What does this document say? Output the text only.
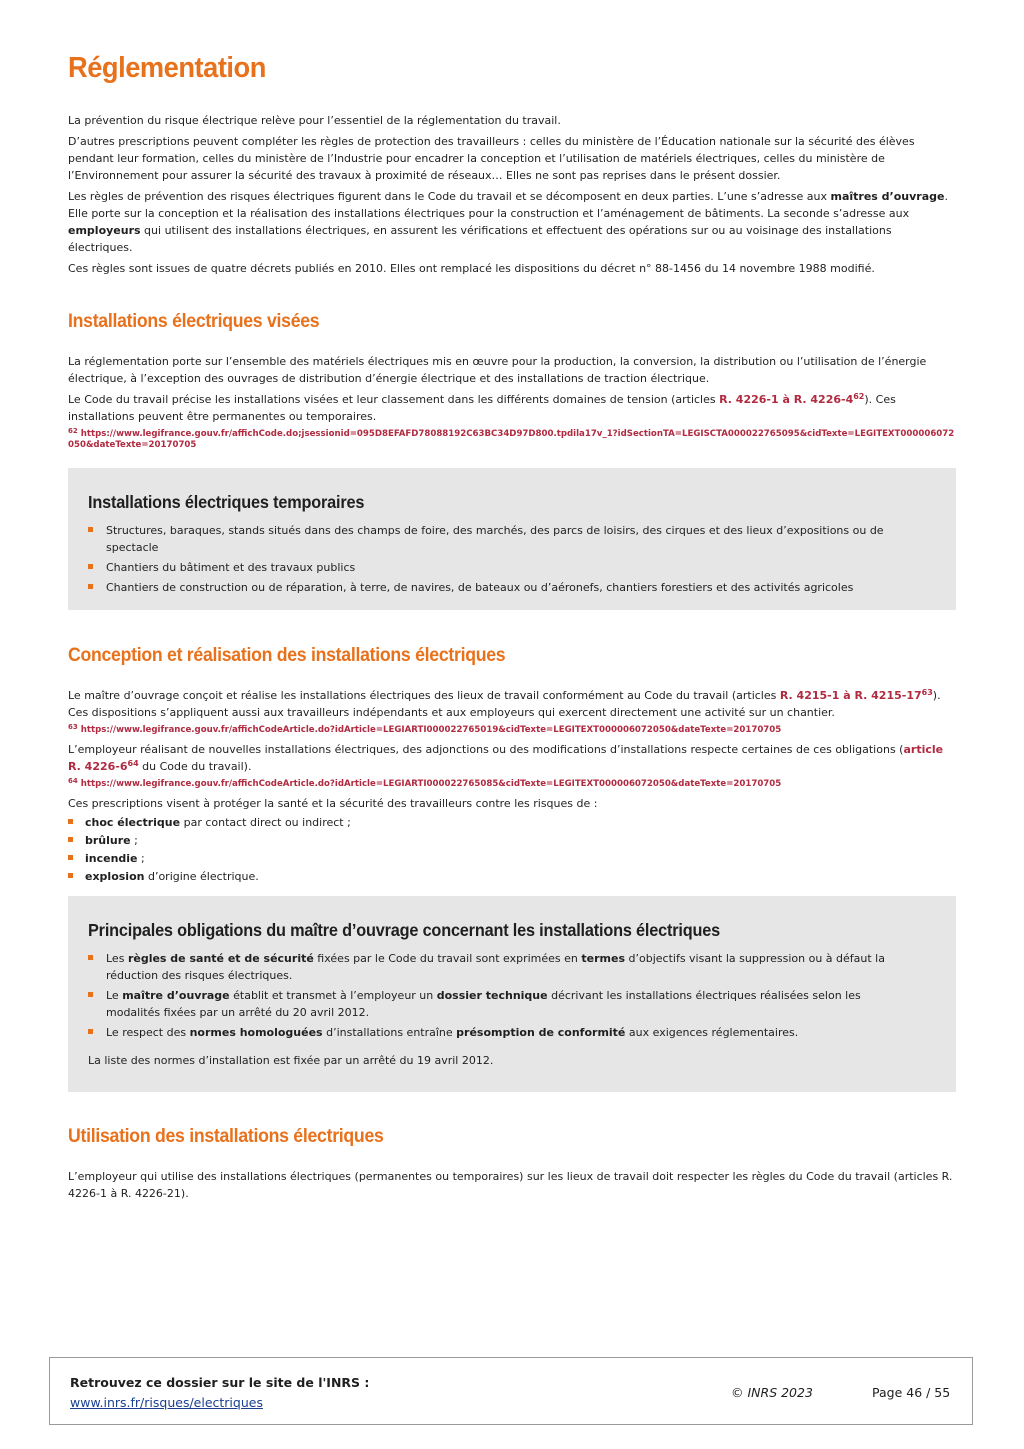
Réglementation

La prévention du risque électrique relève pour l’essentiel de la réglementation du travail.

D’autres prescriptions peuvent compléter les règles de protection des travailleurs : celles du ministère de l’Éducation nationale sur la sécurité des élèves pendant leur formation, celles du ministère de l’Industrie pour encadrer la conception et l’utilisation de matériels électriques, celles du ministère de l’Environnement pour assurer la sécurité des travaux à proximité de réseaux… Elles ne sont pas reprises dans le présent dossier.

Les règles de prévention des risques électriques figurent dans le Code du travail et se décomposent en deux parties. L’une s’adresse aux maîtres d’ouvrage. Elle porte sur la conception et la réalisation des installations électriques pour la construction et l’aménagement de bâtiments. La seconde s’adresse aux employeurs qui utilisent des installations électriques, en assurent les vérifications et effectuent des opérations sur ou au voisinage des installations électriques.

Ces règles sont issues de quatre décrets publiés en 2010. Elles ont remplacé les dispositions du décret n° 88-1456 du 14 novembre 1988 modifié.

Installations électriques visées

La réglementation porte sur l’ensemble des matériels électriques mis en œuvre pour la production, la conversion, la distribution ou l’utilisation de l’énergie électrique, à l’exception des ouvrages de distribution d’énergie électrique et des installations de traction électrique.

Le Code du travail précise les installations visées et leur classement dans les différents domaines de tension (articles R. 4226-1 à R. 4226-4$^{62}$). Ces installations peuvent être permanentes ou temporaires.

$^{62}$ https://www.legifrance.gouv.fr/affichCode.do;jsessionid=095D8EFAFD78088192C63BC34D97D800.tpdila17v_1?idSectionTA=LEGISCTA000022765095&cidTexte=LEGITEXT000006072050&dateTexte=20170705
Installations électriques temporaires
Structures, baraques, stands situés dans des champs de foire, des marchés, des parcs de loisirs, des cirques et des lieux d’expositions ou de spectacle
Chantiers du bâtiment et des travaux publics
Chantiers de construction ou de réparation, à terre, de navires, de bateaux ou d’aéronefs, chantiers forestiers et des activités agricoles
Conception et réalisation des installations électriques

Le maître d’ouvrage conçoit et réalise les installations électriques des lieux de travail conformément au Code du travail (articles R. 4215-1 à R. 4215-17$^{63}$). Ces dispositions s’appliquent aussi aux travailleurs indépendants et aux employeurs qui exercent directement une activité sur un chantier.

$^{63}$ https://www.legifrance.gouv.fr/affichCodeArticle.do?idArticle=LEGIARTI000022765019&cidTexte=LEGITEXT000006072050&dateTexte=20170705

L’employeur réalisant de nouvelles installations électriques, des adjonctions ou des modifications d’installations respecte certaines de ces obligations (article R. 4226-6$^{64}$ du Code du travail).

$^{64}$ https://www.legifrance.gouv.fr/affichCodeArticle.do?idArticle=LEGIARTI000022765085&cidTexte=LEGITEXT000006072050&dateTexte=20170705

Ces prescriptions visent à protéger la santé et la sécurité des travailleurs contre les risques de :

choc électrique par contact direct ou indirect ;
brûlure ;
incendie ;
explosion d’origine électrique.
Principales obligations du maître d’ouvrage concernant les installations électriques
Les règles de santé et de sécurité fixées par le Code du travail sont exprimées en termes d’objectifs visant la suppression ou à défaut la réduction des risques électriques.
Le maître d’ouvrage établit et transmet à l’employeur un dossier technique décrivant les installations électriques réalisées selon les modalités fixées par un arrêté du 20 avril 2012.
Le respect des normes homologuées d’installations entraîne présomption de conformité aux exigences réglementaires.

La liste des normes d’installation est fixée par un arrêté du 19 avril 2012.

Utilisation des installations électriques

L’employeur qui utilise des installations électriques (permanentes ou temporaires) sur les lieux de travail doit respecter les règles du Code du travail (articles R. 4226-1 à R. 4226-21).

Retrouvez ce dossier sur le site de l'INRS :
www.inrs.fr/risques/electriques
© INRS 2023	Page 46 / 55
